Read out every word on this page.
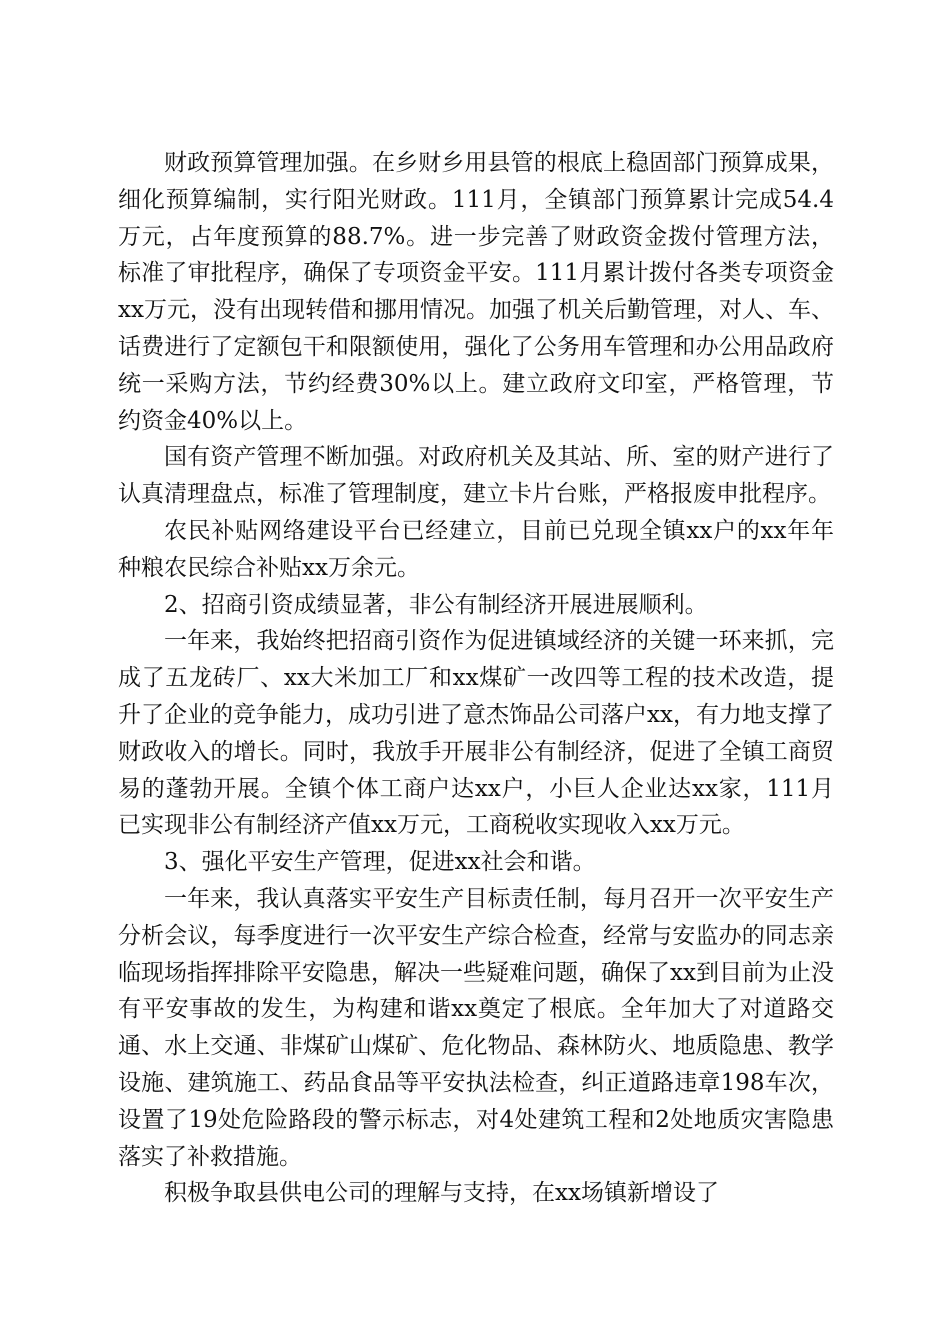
财政预算管理加强。在乡财乡用县管的根底上稳固部门预算成果，细化预算编制，实行阳光财政。111月，全镇部门预算累计完成54.4万元，占年度预算的88.7%。进一步完善了财政资金拨付管理方法，标准了审批程序，确保了专项资金平安。111月累计拨付各类专项资金xx万元，没有出现转借和挪用情况。加强了机关后勤管理，对人、车、话费进行了定额包干和限额使用，强化了公务用车管理和办公用品政府统一采购方法，节约经费30%以上。建立政府文印室，严格管理，节约资金40%以上。

国有资产管理不断加强。对政府机关及其站、所、室的财产进行了认真清理盘点，标准了管理制度，建立卡片台账，严格报废申批程序。

农民补贴网络建设平台已经建立，目前已兑现全镇xx户的xx年年种粮农民综合补贴xx万余元。

2、招商引资成绩显著，非公有制经济开展进展顺利。

一年来，我始终把招商引资作为促进镇域经济的关键一环来抓，完成了五龙砖厂、xx大米加工厂和xx煤矿一改四等工程的技术改造，提升了企业的竞争能力，成功引进了意杰饰品公司落户xx，有力地支撑了财政收入的增长。同时，我放手开展非公有制经济，促进了全镇工商贸易的蓬勃开展。全镇个体工商户达xx户，小巨人企业达xx家，111月已实现非公有制经济产值xx万元，工商税收实现收入xx万元。

3、强化平安生产管理，促进xx社会和谐。

一年来，我认真落实平安生产目标责任制，每月召开一次平安生产分析会议，每季度进行一次平安生产综合检查，经常与安监办的同志亲临现场指挥排除平安隐患，解决一些疑难问题，确保了xx到目前为止没有平安事故的发生，为构建和谐xx奠定了根底。全年加大了对道路交通、水上交通、非煤矿山煤矿、危化物品、森林防火、地质隐患、教学设施、建筑施工、药品食品等平安执法检查，纠正道路违章198车次，设置了19处危险路段的警示标志，对4处建筑工程和2处地质灾害隐患落实了补救措施。

积极争取县供电公司的理解与支持，在xx场镇新增设了
